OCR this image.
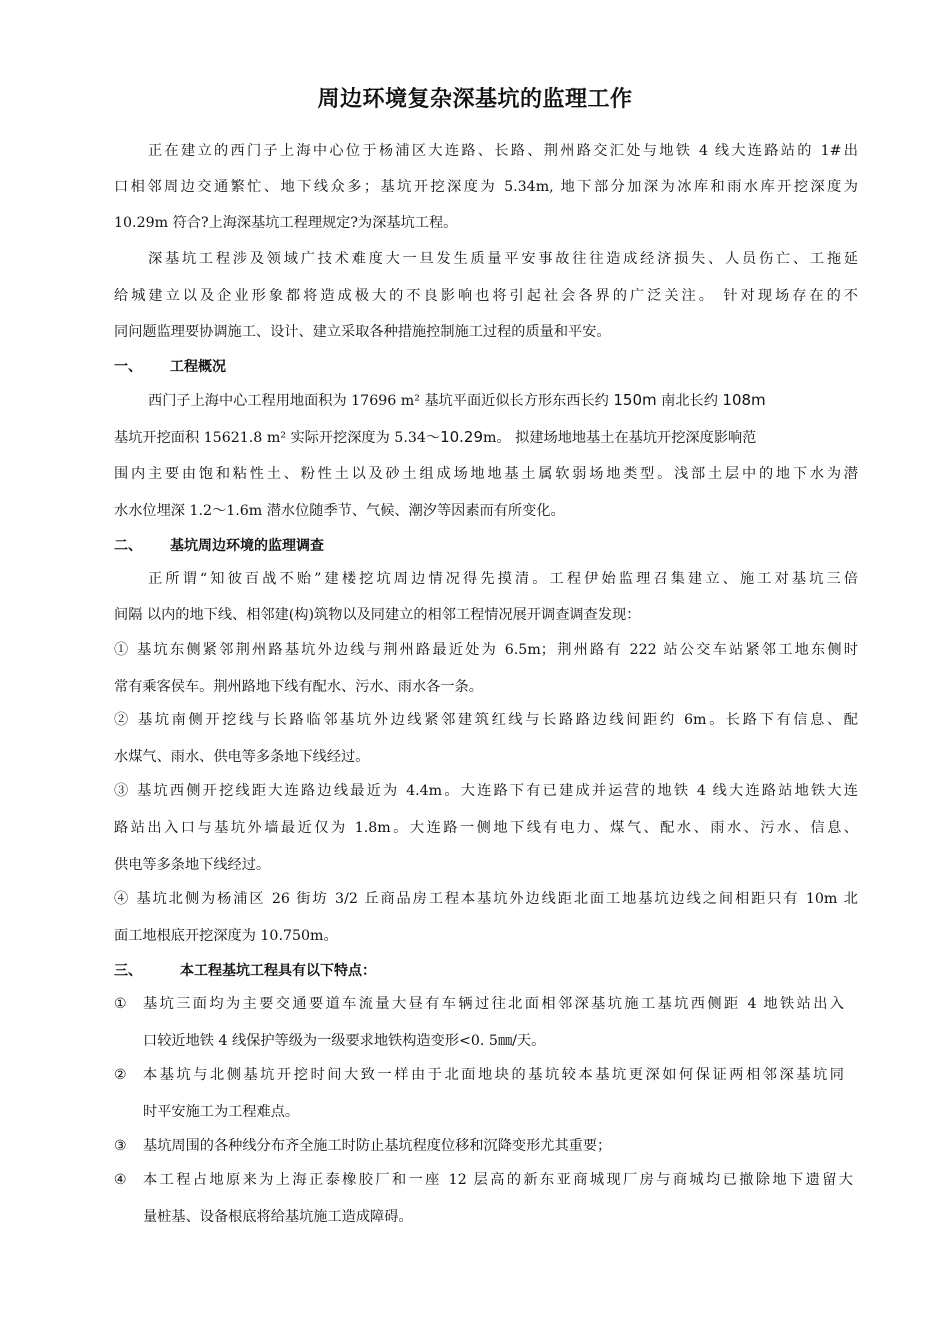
周边环境复杂深基坑的监理工作
正在建立的西门子上海中心位于杨浦区大连路、长路、荆州路交汇处与地铁 4 线大连路站的 1#出
口相邻周边交通繁忙、地下线众多；基坑开挖深度为 5.34m, 地下部分加深为冰库和雨水库开挖深度为
10.29m 符合?上海深基坑工程理规定?为深基坑工程。
深基坑工程涉及领域广技术难度大一旦发生质量平安事故往往造成经济损失、人员伤亡、工拖延
给城建立以及企业形象都将造成极大的不良影响也将引起社会各界的广泛关注。 针对现场存在的不
同问题监理要协调施工、设计、建立采取各种措施控制施工过程的质量和平安。
一、 工程概况
西门子上海中心工程用地面积为 17696 m² 基坑平面近似长方形东西长约 150m 南北长约 108m
基坑开挖面积 15621.8 m² 实际开挖深度为 5.34～10.29m。 拟建场地地基土在基坑开挖深度影响范
围内主要由饱和粘性土、粉性土以及砂土组成场地地基土属软弱场地类型。浅部土层中的地下水为潜
水水位埋深 1.2～1.6m 潜水位随季节、气候、潮汐等因素而有所变化。
二、 基坑周边环境的监理调查
正所谓“知彼百战不贻”建楼挖坑周边情况得先摸清。工程伊始监理召集建立、施工对基坑三倍
间隔 以内的地下线、相邻建(构)筑物以及同建立的相邻工程情况展开调查调查发现：
① 基坑东侧紧邻荆州路基坑外边线与荆州路最近处为 6.5m；荆州路有 222 站公交车站紧邻工地东侧时
常有乘客侯车。荆州路地下线有配水、污水、雨水各一条。
② 基坑南侧开挖线与长路临邻基坑外边线紧邻建筑红线与长路路边线间距约 6m。长路下有信息、配
水煤气、雨水、供电等多条地下线经过。
③ 基坑西侧开挖线距大连路边线最近为 4.4m。大连路下有已建成并运营的地铁 4 线大连路站地铁大连
路站出入口与基坑外墙最近仅为 1.8m。大连路一侧地下线有电力、煤气、配水、雨水、污水、信息、
供电等多条地下线经过。
④ 基坑北侧为杨浦区 26 街坊 3/2 丘商品房工程本基坑外边线距北面工地基坑边线之间相距只有 10m 北
面工地根底开挖深度为 10.750m。
三、	本工程基坑工程具有以下特点：
① 基坑三面均为主要交通要道车流量大昼有车辆过往北面相邻深基坑施工基坑西侧距 4 地铁站出入
口较近地铁 4 线保护等级为一级要求地铁构造变形<0. 5㎜/天。
② 本基坑与北侧基坑开挖时间大致一样由于北面地块的基坑较本基坑更深如何保证两相邻深基坑同
时平安施工为工程难点。
③ 基坑周围的各种线分布齐全施工时防止基坑程度位移和沉降变形尤其重要；
④ 本工程占地原来为上海正泰橡胶厂和一座 12 层高的新东亚商城现厂房与商城均已撤除地下遗留大
量桩基、设备根底将给基坑施工造成障碍。
